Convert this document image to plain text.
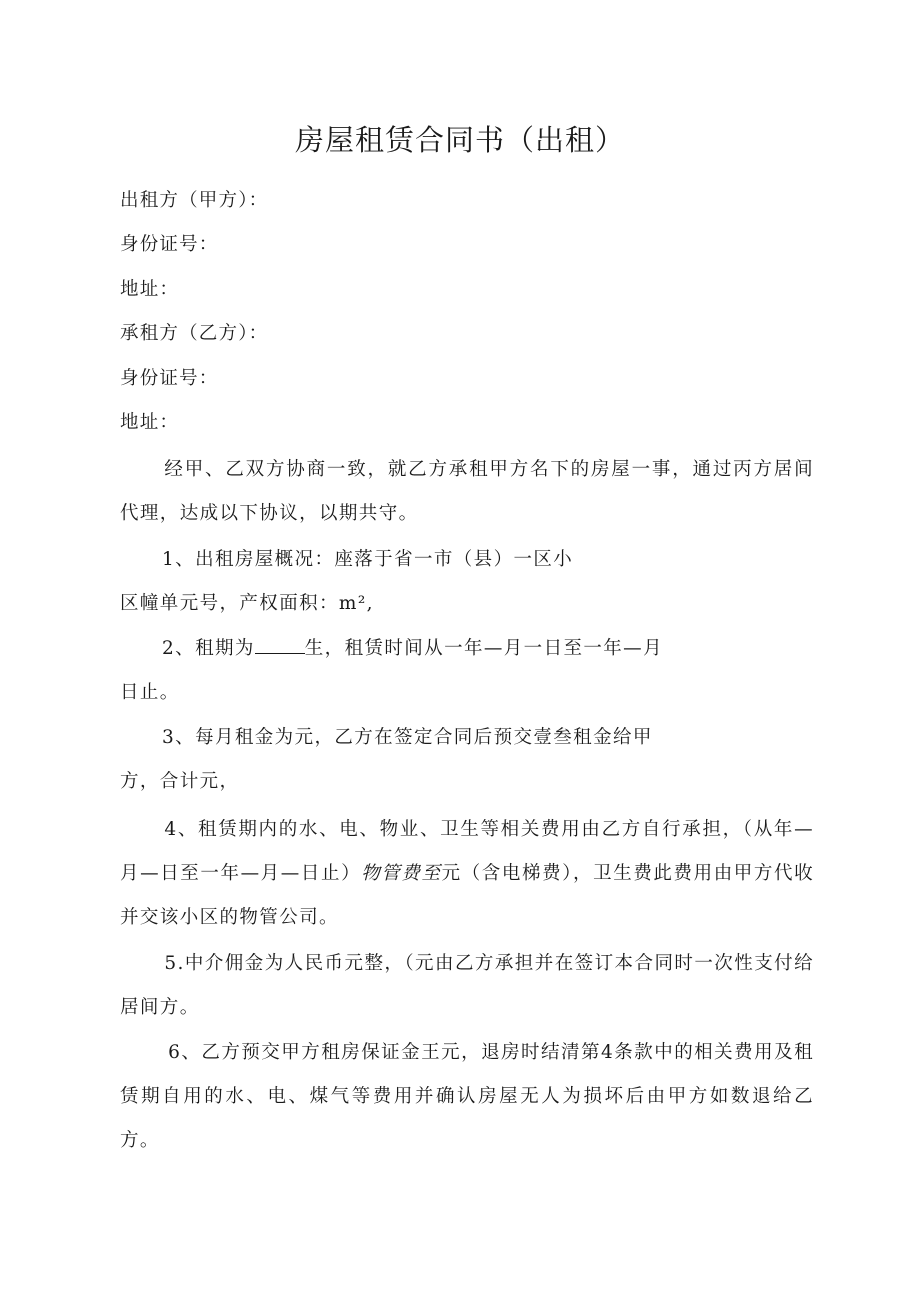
房屋租赁合同书（出租）
出租方（甲方）：
身份证号：
地址：
承租方（乙方）：
身份证号：
地址：
经甲、乙双方协商一致，就乙方承租甲方名下的房屋一事，通过丙方居间代理，达成以下协议，以期共守。
1、出租房屋概况：座落于省一市（县）一区小
区幢单元号，产权面积：m²,
2、租期为	生，租赁时间从一年—月一日至一年—月
日止。
3、每月租金为元，乙方在签定合同后预交壹叁租金给甲
方，合计元，
4、租赁期内的水、电、物业、卫生等相关费用由乙方自行承担，（从年—月—日至一年—月—日止）物管费至元（含电梯费），卫生费此费用由甲方代收并交该小区的物管公司。
5.中介佣金为人民币元整，（元由乙方承担并在签订本合同时一次性支付给居间方。
6、乙方预交甲方租房保证金王元，退房时结清第4条款中的相关费用及租赁期自用的水、电、煤气等费用并确认房屋无人为损坏后由甲方如数退给乙方。
